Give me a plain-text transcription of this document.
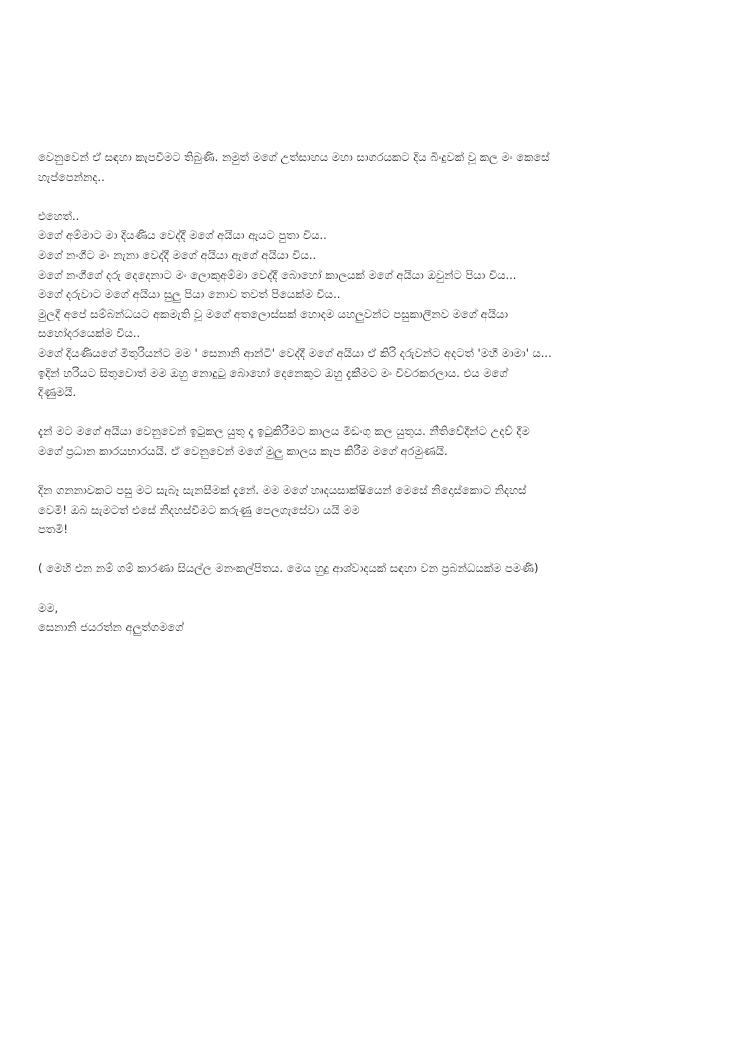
වෙනුවෙන් ඒ සඳහා කැපවීමට තිබුණි. නමුත් මගේ උත්සාහය මහා සාගරයකට දිය බිංදුවක් වූ කල මං කෙසේ
හැප්පෙන්නද..
එහෙත්..
මගේ අම්මාට මා දියණිය වෙද්දී මගේ අයියා ඇයට පුතා විය..
මගේ නංගීට මං නැනා වෙද්දී මගේ අයියා ඇගේ අයියා විය..
මගේ නංගීගේ දරු දෙදෙනාට මං ලොකුඅම්මා වෙද්දී බොහෝ කාලයක් මගේ අයියා ඔවුන්ට පියා විය...
මගේ දරුවාට මගේ අයියා සුලු පියා නොව තවත් පියෙක්ම විය..
මුලදී අපේ සම්බන්ධයට අකමැති වූ මගේ අතලොස්සක් හොදම යහලුවන්ට පසුකාලීනව මගේ අයියා
සහෝදරයෙක්ම විය..
මගේ දියණියගේ මිතුරියන්ට මම ' සෙනානි ආන්ටි' වෙද්දී මගේ අයියා ඒ කිරි දරුවන්ට අදටත් 'මහී මාමා' ය...
ඉදින් හරියට සිතුවොත් මම ඔහු නොදුටු බොහෝ දෙනෙකුට ඔහු දැකීමට මං විවරකරලාය. එය මගේ
දිණුමයි.
දැන් මට මගේ අයියා වෙනුවෙන් ඉටුකල යුතු දෑ ඉටුකිරීමට කාලය මිඩංගු කල යුතුය. නීතිවේදීන්ට උදව් දීම
මගේ ප්‍රධාන කාරයභාරයයි. ඒ වෙනුවෙන් මගේ මුලු කාලය කැප කිරීම මගේ අරමුණයි.
දින ගනනාවකට පසු මට සැබෑ සැනසීමක් දැනේ. මම මගේ හෘදයසාක්ෂියෙන් මෙසේ නිදොස්කොට නිදහස්
වෙමි! ඔබ සැමටත් එසේ නිදහස්වීමට කරුණු පෙලගැසේවා යයි මම
පතමි!
( මෙහි එන නම් ගම් කාරණා සියල්ල මනංකල්පිතය. මෙය හුදු ආශ්වාදයක් සඳහා වන ප්‍රබන්ධයක්ම පමණි)
මම,
සෙනානි ජයරත්න අලුත්ගමගේ
